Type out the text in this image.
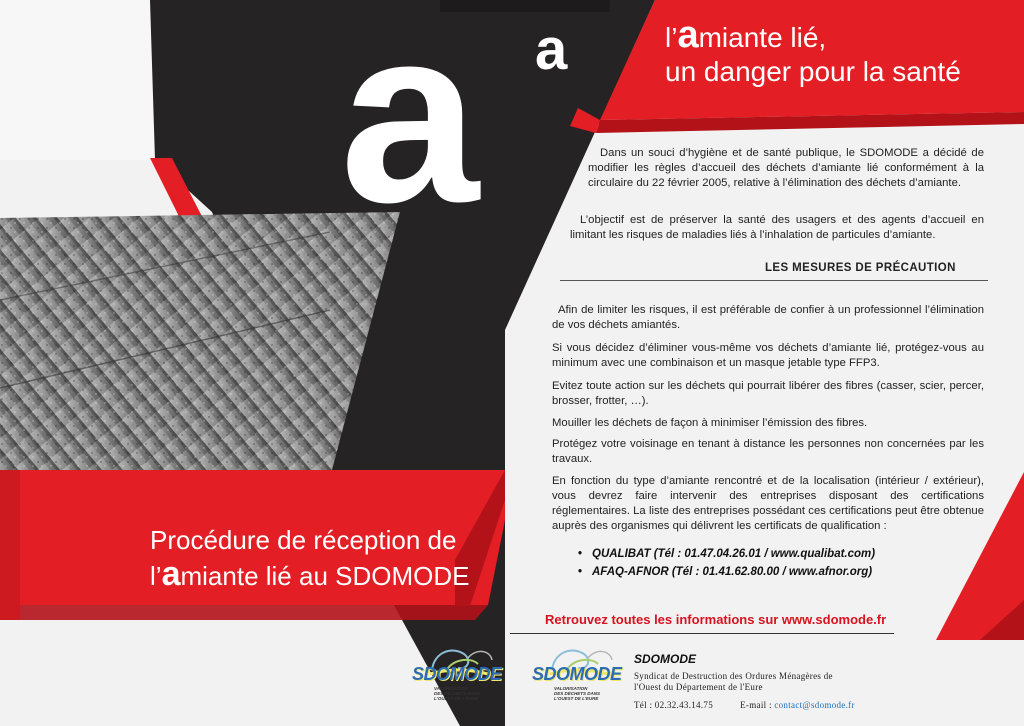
a a	l’amiante lié,
un danger pour la santé

Dans un souci d’hygiène et de santé publique, le SDOMODE a décidé de modifier les règles d’accueil des déchets d’amiante lié conformément à la circulaire du 22 février 2005, relative à l’élimination des déchets d’amiante.

L’objectif est de préserver la santé des usagers et des agents d’accueil en limitant les risques de maladies liés à l’inhalation de particules d’amiante.

LES MESURES DE PRÉCAUTION

Afin de limiter les risques, il est préférable de confier à un professionnel l’élimination de vos déchets amiantés.

Si vous décidez d’éliminer vous-même vos déchets d’amiante lié, protégez-vous au minimum avec une combinaison et un masque jetable type FFP3.

Evitez toute action sur les déchets qui pourrait libérer des fibres (casser, scier, percer, brosser, frotter, …).

Mouiller les déchets de façon à minimiser l’émission des fibres.

Protégez votre voisinage en tenant à distance les personnes non concernées par les travaux.

En fonction du type d’amiante rencontré et de la localisation (intérieur / extérieur), vous devrez faire intervenir des entreprises disposant des certifications réglementaires. La liste des entreprises possédant ces certifications peut être obtenue auprès des organismes qui délivrent les certificats de qualification :

• QUALIBAT (Tél : 01.47.04.26.01 / www.qualibat.com)
• AFAQ-AFNOR (Tél : 01.41.62.80.00 / www.afnor.org)
Procédure de réception de
l’amiante lié au SDOMODE
Retrouvez toutes les informations sur www.sdomode.fr
SDOMODE
VALORISATION
DES DÉCHETS DANS
L'OUEST DE L'EURE
SDOMODE
VALORISATION
DES DÉCHETS DANS
L'OUEST DE L'EURE
SDOMODE
Syndicat de Destruction des Ordures Ménagères de
l'Ouest du Département de l'Eure
Tél : 02.32.43.14.75	E-mail : contact@sdomode.fr
